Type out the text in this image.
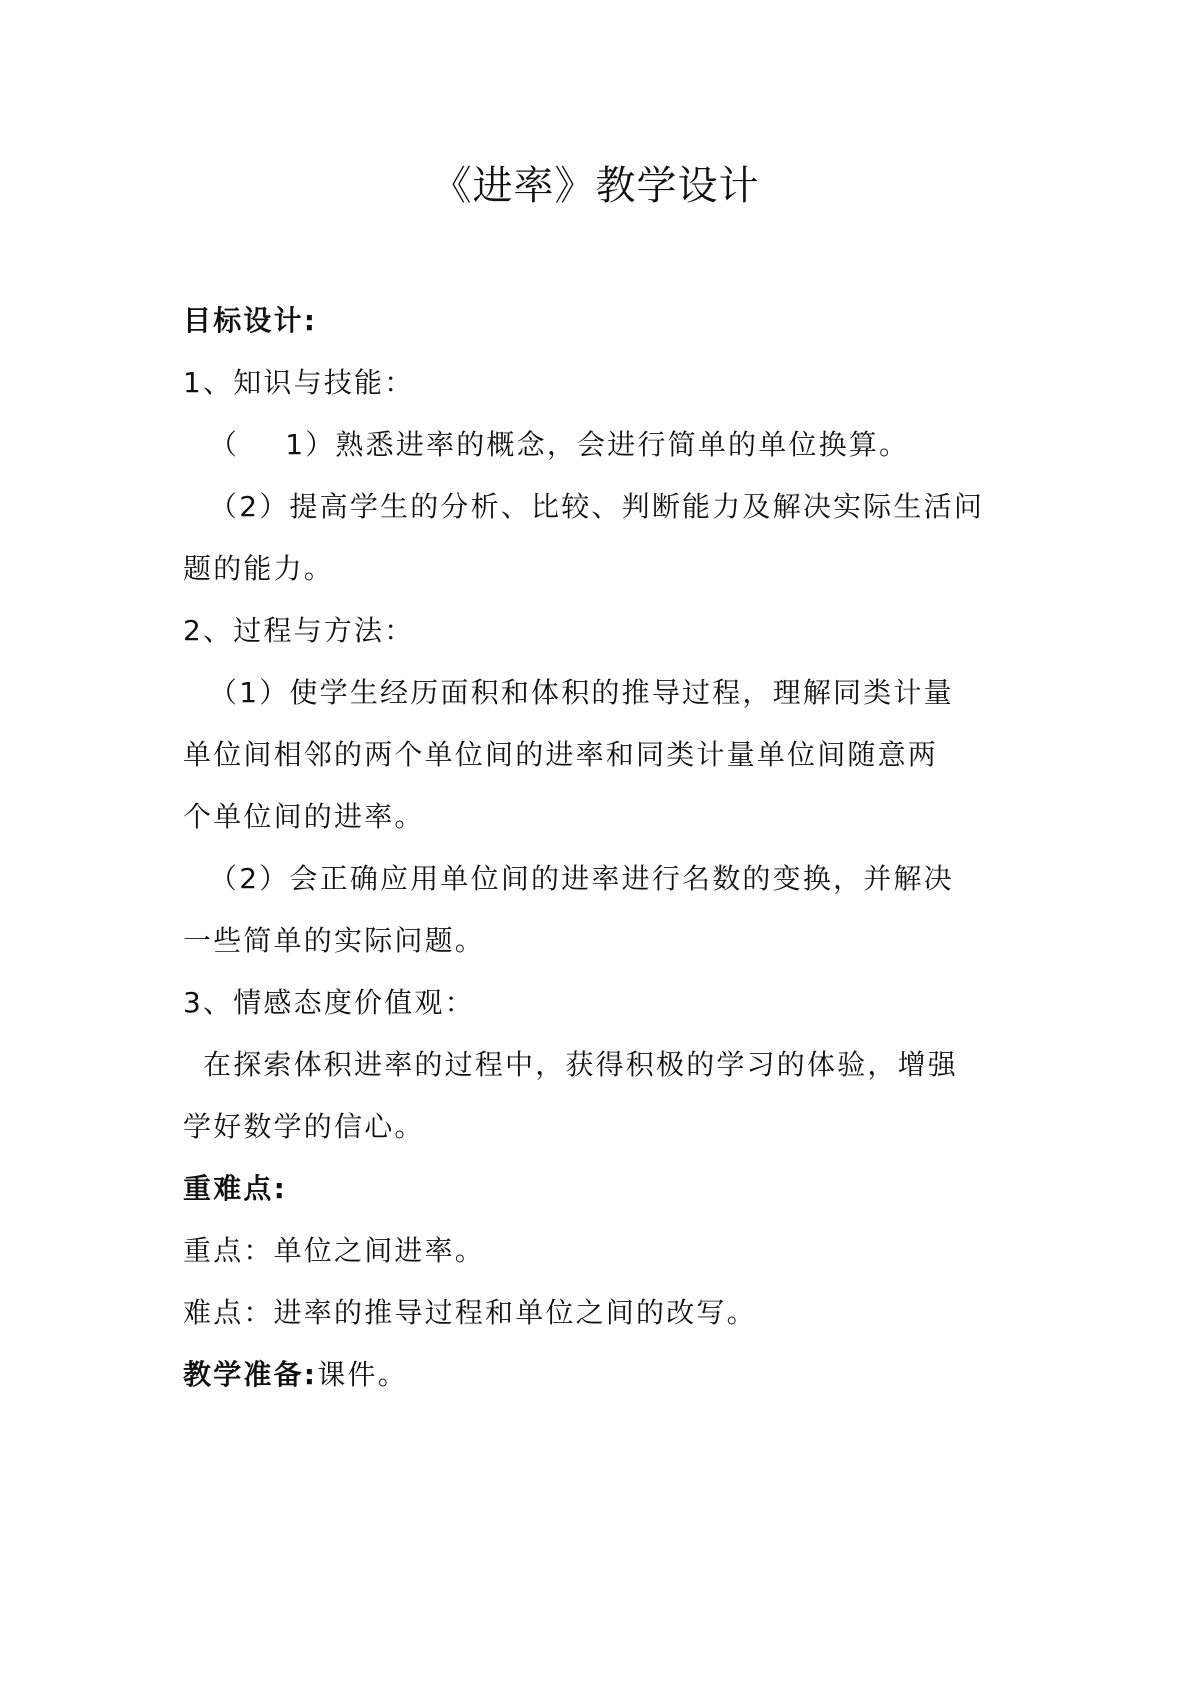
《进率》教学设计

目标设计:

1、知识与技能：

（ 1）熟悉进率的概念，会进行简单的单位换算。

（2）提高学生的分析、比较、判断能力及解决实际生活问

题的能力。

2、过程与方法：

（1）使学生经历面积和体积的推导过程，理解同类计量

单位间相邻的两个单位间的进率和同类计量单位间随意两

个单位间的进率。

（2）会正确应用单位间的进率进行名数的变换，并解决

一些简单的实际问题。

3、情感态度价值观：

在探索体积进率的过程中，获得积极的学习的体验，增强

学好数学的信心。

重难点:

重点：单位之间进率。

难点：进率的推导过程和单位之间的改写。

教学准备:课件。
